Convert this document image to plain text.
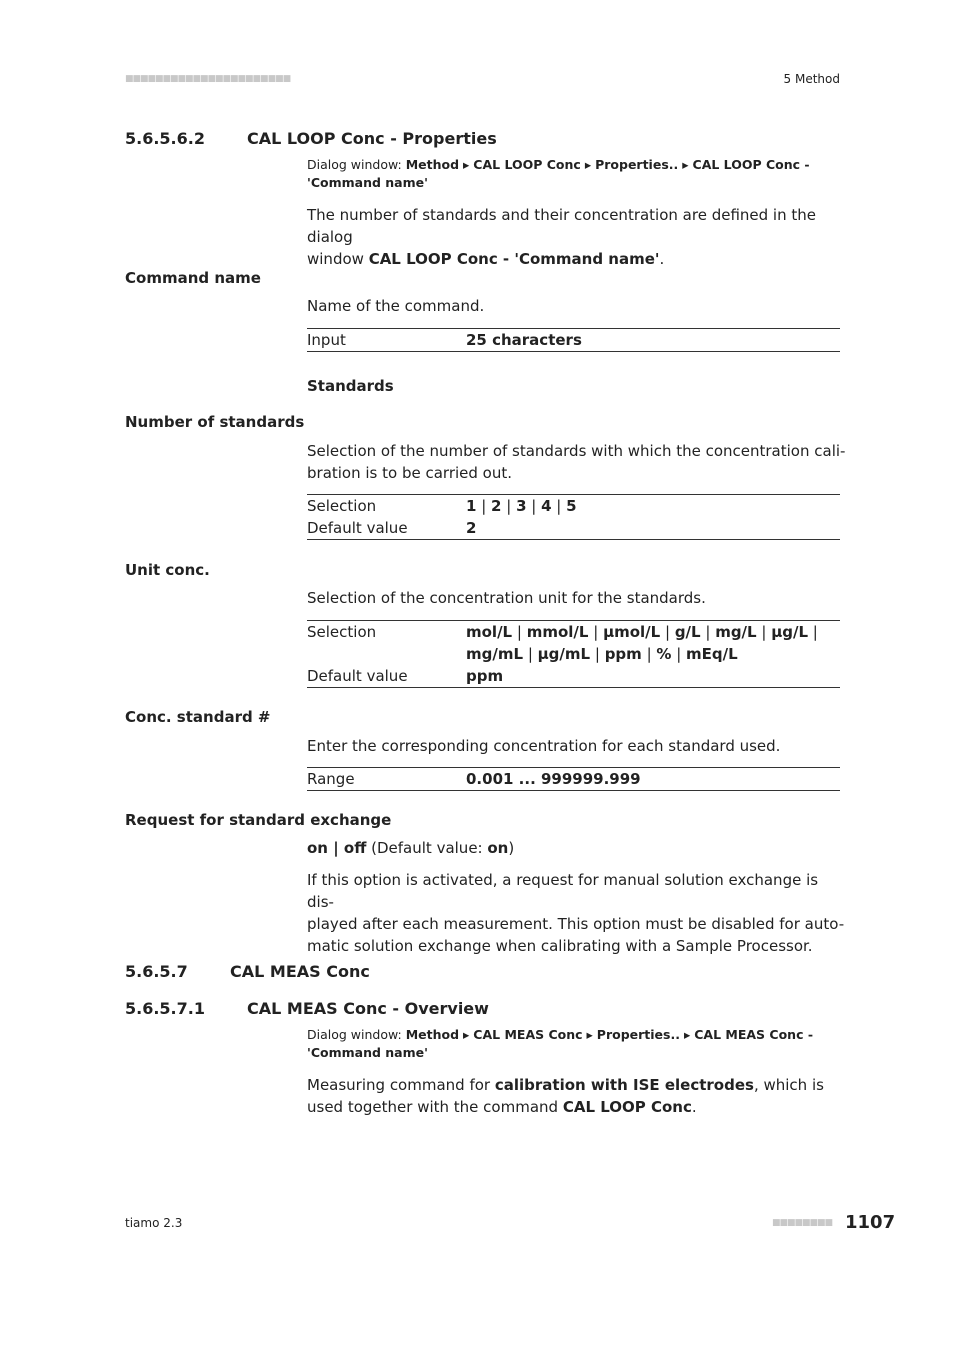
■■■■■■■■■■■■■■■■■■■■■■	5 Method
5.6.5.6.2	CAL LOOP Conc - Properties
Dialog window: Method ▸ CAL LOOP Conc ▸ Properties.. ▸ CAL LOOP Conc -
'Command name'
The number of standards and their concentration are defined in the dialog
window CAL LOOP Conc - 'Command name'.
Command name
Name of the command.
Input	25 characters
Standards
Number of standards
Selection of the number of standards with which the concentration cali-
bration is to be carried out.
Selection	1 | 2 | 3 | 4 | 5
Default value	2
Unit conc.
Selection of the concentration unit for the standards.
Selection	mol/L | mmol/L | µmol/L | g/L | mg/L | µg/L |
mg/mL | µg/mL | ppm | % | mEq/L
Default value	ppm
Conc. standard #
Enter the corresponding concentration for each standard used.
Range	0.001 ... 999999.999
Request for standard exchange
on | off (Default value: on)
If this option is activated, a request for manual solution exchange is dis-
played after each measurement. This option must be disabled for auto-
matic solution exchange when calibrating with a Sample Processor.
5.6.5.7	CAL MEAS Conc
5.6.5.7.1	CAL MEAS Conc - Overview
Dialog window: Method ▸ CAL MEAS Conc ▸ Properties.. ▸ CAL MEAS Conc -
'Command name'
Measuring command for calibration with ISE electrodes, which is
used together with the command CAL LOOP Conc.
tiamo 2.3	■■■■■■■■ 1107
